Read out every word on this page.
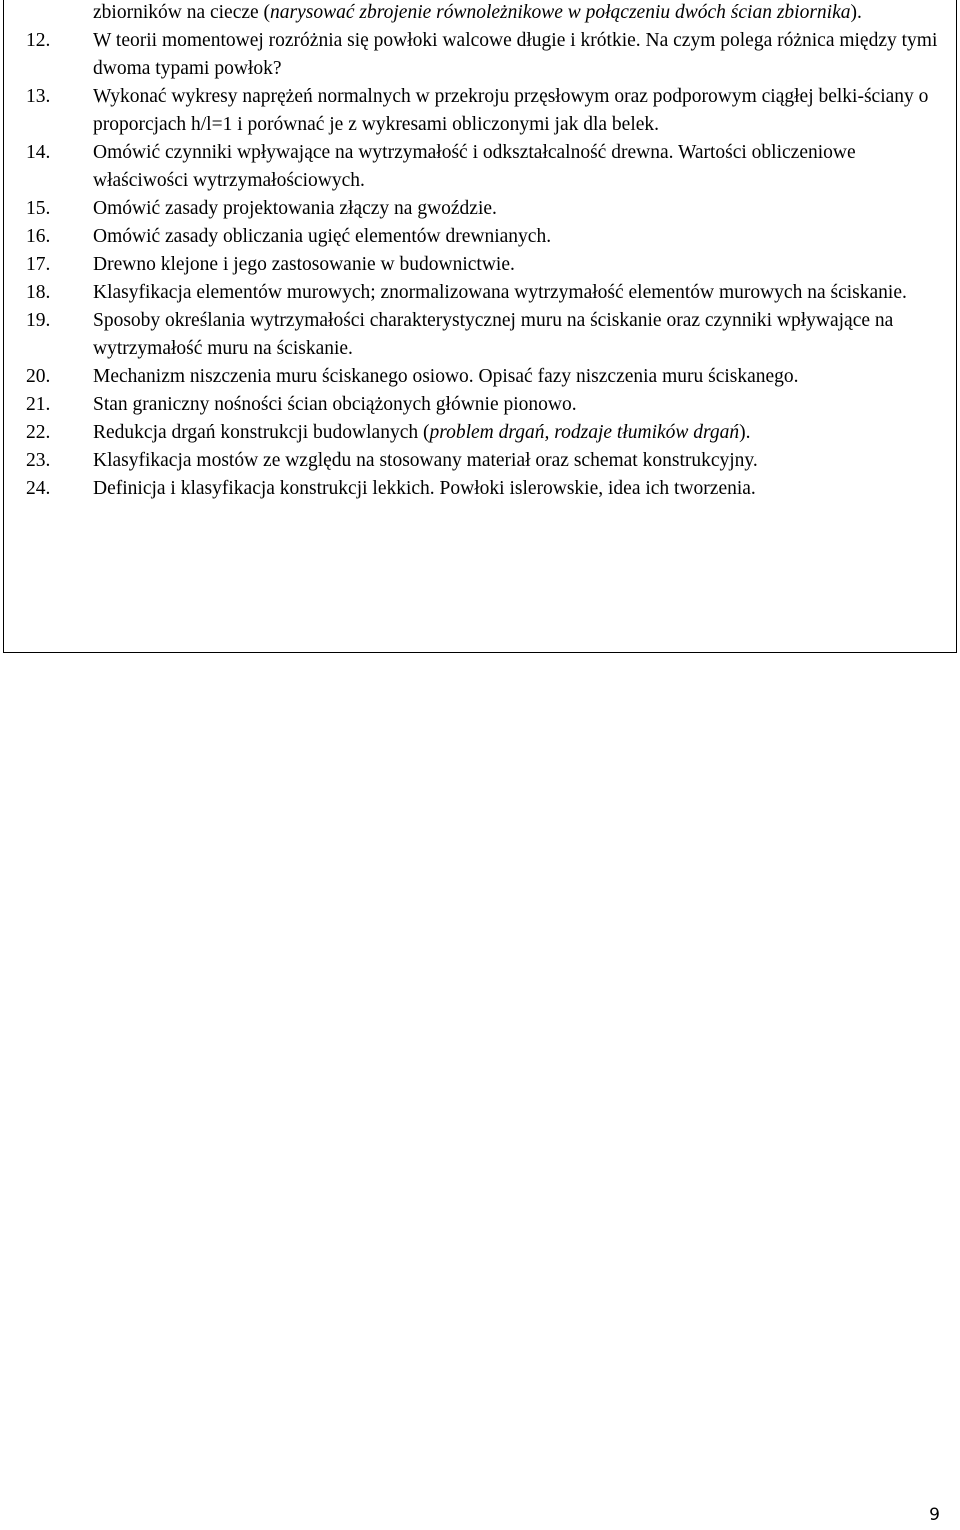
zbiorników na ciecze (narysować zbrojenie równoleżnikowe w połączeniu dwóch ścian zbiornika).
12. W teorii momentowej rozróżnia się powłoki walcowe długie i krótkie. Na czym polega różnica między tymi dwoma typami powłok?
13. Wykonać wykresy naprężeń normalnych w przekroju przęsłowym oraz podporowym ciągłej belki-ściany o proporcjach h/l=1 i porównać je z wykresami obliczonymi jak dla belek.
14. Omówić czynniki wpływające na wytrzymałość i odkształcalność drewna. Wartości obliczeniowe właściwości wytrzymałościowych.
15. Omówić zasady projektowania złączy na gwoździe.
16. Omówić zasady obliczania ugięć elementów drewnianych.
17. Drewno klejone i jego zastosowanie w budownictwie.
18. Klasyfikacja elementów murowych; znormalizowana wytrzymałość elementów murowych na ściskanie.
19. Sposoby określania wytrzymałości charakterystycznej muru na ściskanie oraz czynniki wpływające na wytrzymałość muru na ściskanie.
20. Mechanizm niszczenia muru ściskanego osiowo. Opisać fazy niszczenia muru ściskanego.
21. Stan graniczny nośności ścian obciążonych głównie pionowo.
22. Redukcja drgań konstrukcji budowlanych (problem drgań, rodzaje tłumików drgań).
23. Klasyfikacja mostów ze względu na stosowany materiał oraz schemat konstrukcyjny.
24. Definicja i klasyfikacja konstrukcji lekkich. Powłoki islerowskie, idea ich tworzenia.
9
